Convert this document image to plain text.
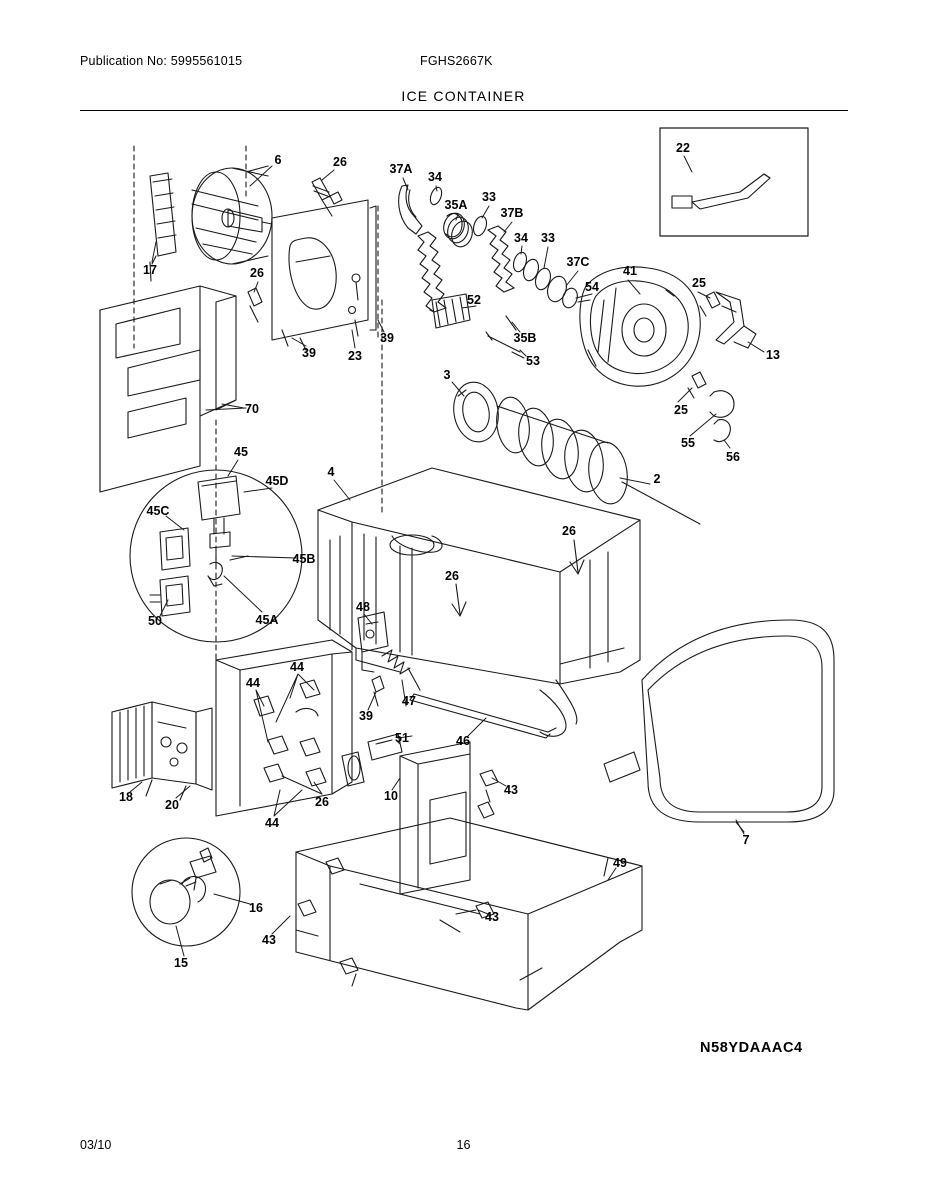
Publication No: 5995561015	FGHS2667K
ICE CONTAINER
6	26	37A
34
35A
33
37B
34 33
37C
41
25
22
17	26
54
52
13
39	35B
39	23	53
3
25
55
56
70
45
4
45D	2
45C
26
45B
26
45A
50
48
44
44
47
39
46
51
18
20	26	10	43
44
7
49
16
43
43
15
N58YDAAAC4
03/10	16
